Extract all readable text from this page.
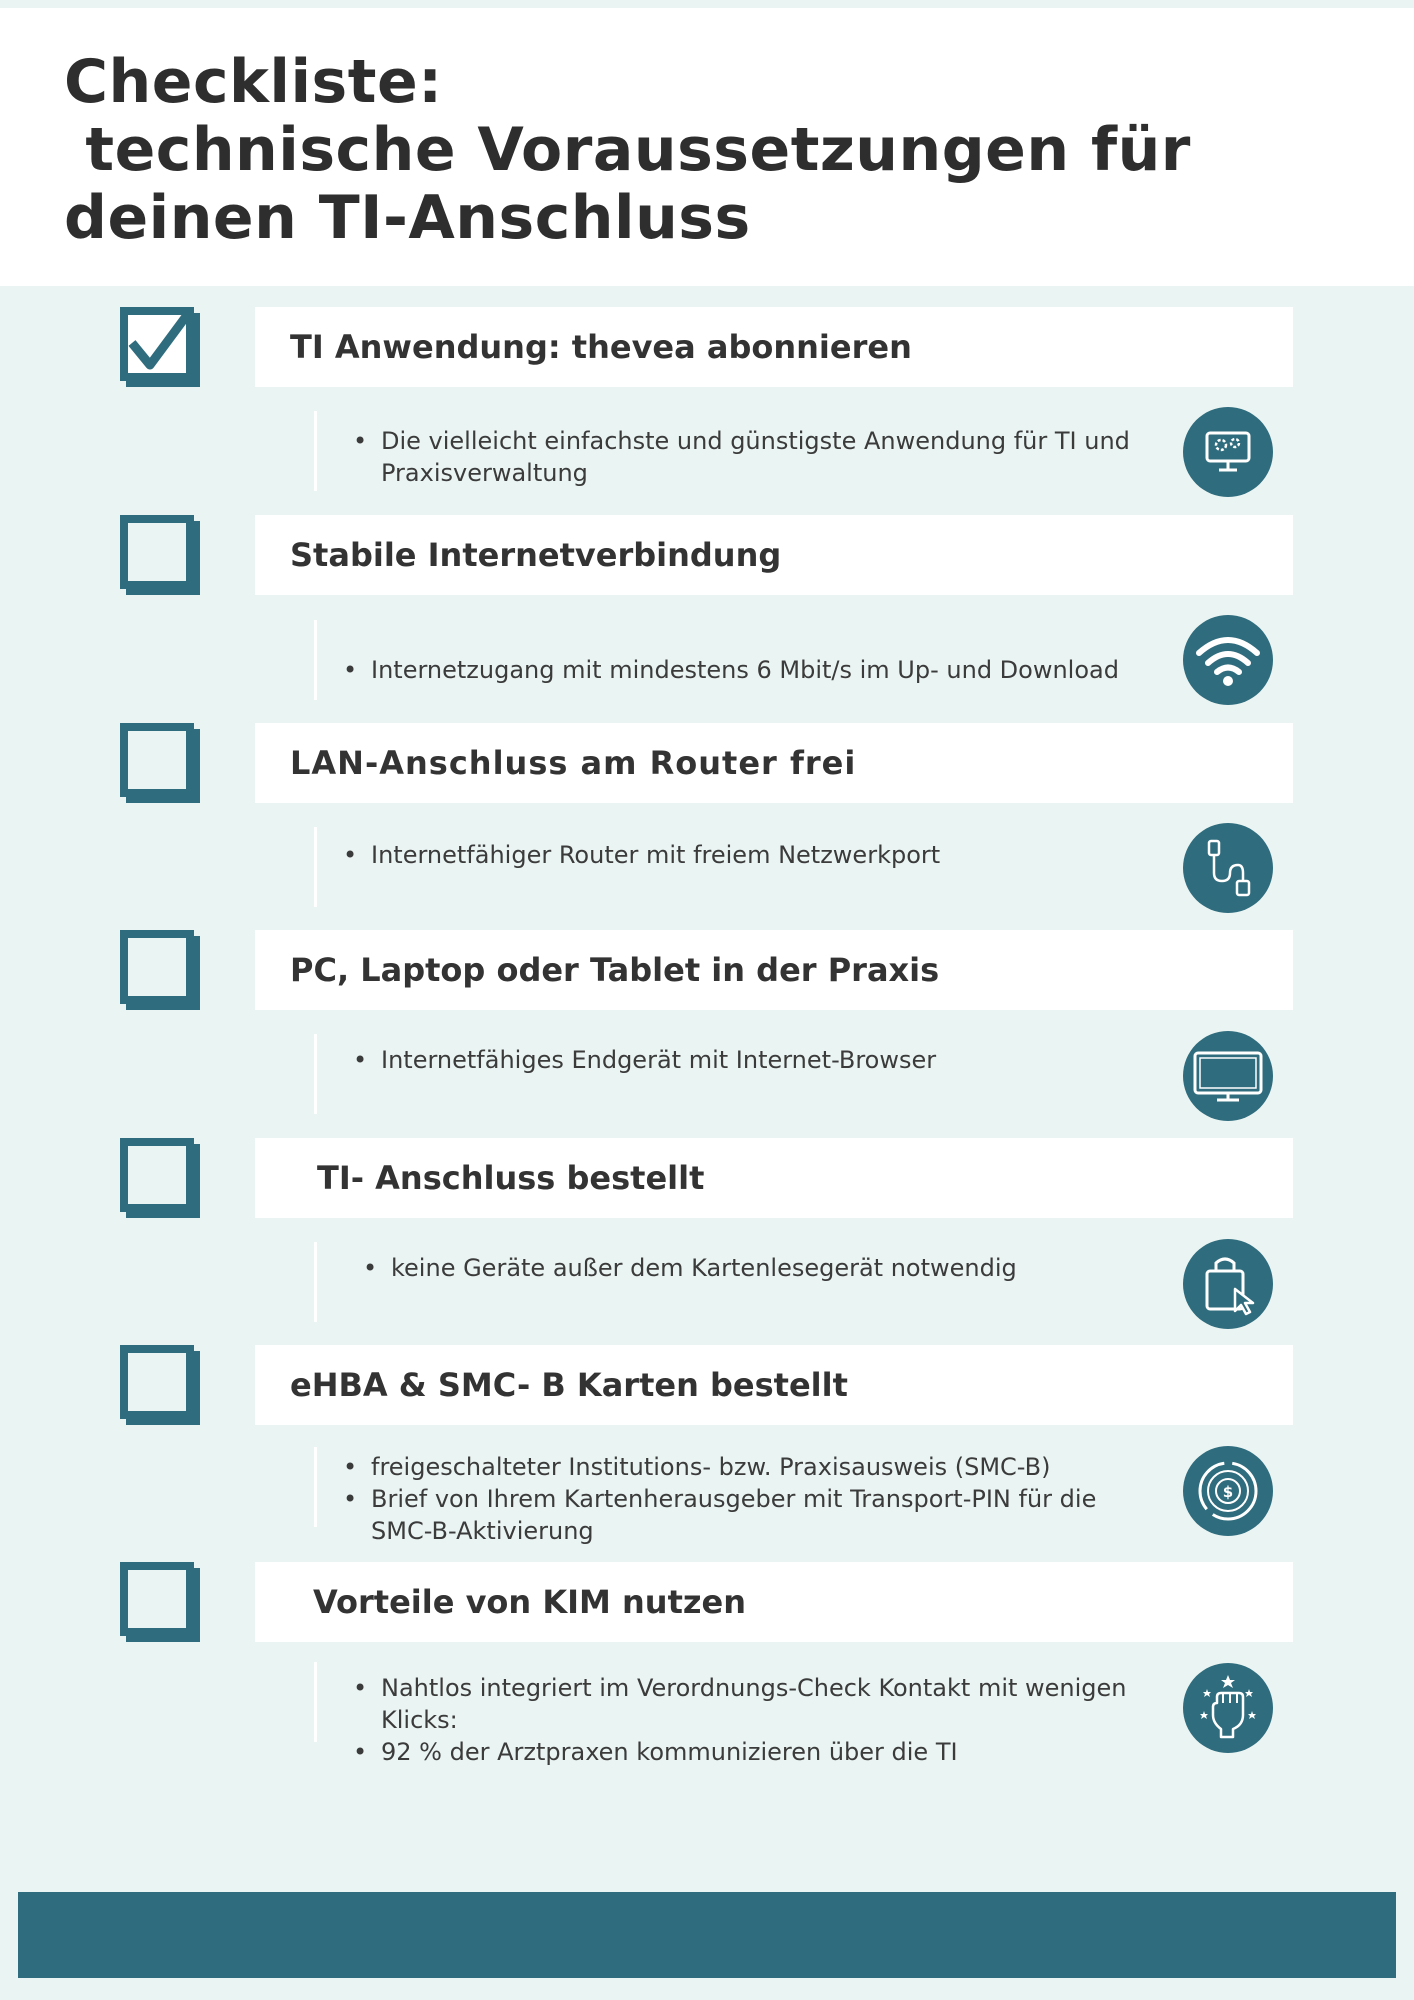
Checkliste:
technische Voraussetzungen für
deinen TI-Anschluss
TI Anwendung: thevea abonnieren
• Die vielleicht einfachste und günstigste Anwendung für TI und Praxisverwaltung
Stabile Internetverbindung
• Internetzugang mit mindestens 6 Mbit/s im Up- und Download
LAN-Anschluss am Router frei
• Internetfähiger Router mit freiem Netzwerkport
PC, Laptop oder Tablet in der Praxis
• Internetfähiges Endgerät mit Internet-Browser
TI- Anschluss bestellt
• keine Geräte außer dem Kartenlesegerät notwendig
eHBA & SMC- B Karten bestellt
• freigeschalteter Institutions- bzw. Praxisausweis (SMC-B)
• Brief von Ihrem Kartenherausgeber mit Transport-PIN für die SMC-B-Aktivierung
$
Vorteile von KIM nutzen
• Nahtlos integriert im Verordnungs-Check Kontakt mit wenigen Klicks:
• 92 % der Arztpraxen kommunizieren über die TI
